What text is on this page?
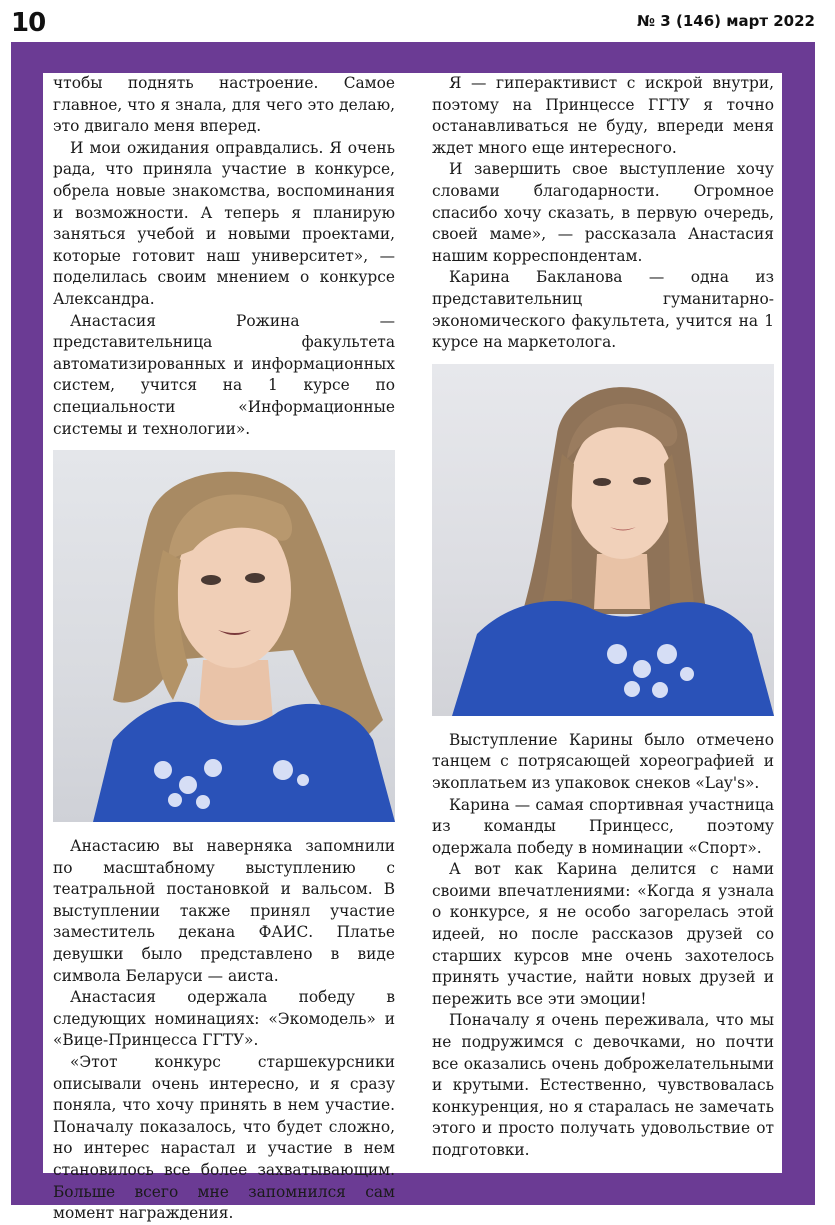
10	№ 3 (146) март 2022

чтобы поднять настроение. Самое главное, что я знала, для чего это делаю, это двигало меня вперед.

И мои ожидания оправдались. Я очень рада, что приняла участие в конкурсе, обрела новые знакомства, воспоминания и возможности. А теперь я планирую заняться учебой и новыми проектами, которые готовит наш университет», — поделилась своим мнением о конкурсе Александра.

Анастасия Рожина — представительница факультета автоматизированных и информационных систем, учится на 1 курсе по специальности «Информационные системы и технологии».

Анастасию вы наверняка запомнили по масштабному выступлению с театральной постановкой и вальсом. В выступлении также принял участие заместитель декана ФАИС. Платье девушки было представлено в виде символа Беларуси — аиста.

Анастасия одержала победу в следующих номинациях: «Экомодель» и «Вице-Принцесса ГГТУ».

«Этот конкурс старшекурсники описывали очень интересно, и я сразу поняла, что хочу принять в нем участие. Поначалу показалось, что будет сложно, но интерес нарастал и участие в нем становилось все более захватывающим. Больше всего мне запомнился сам момент награждения.

Я — гиперактивист с искрой внутри, поэтому на Принцессе ГГТУ я точно останавливаться не буду, впереди меня ждет много еще интересного.

И завершить свое выступление хочу словами благодарности. Огромное спасибо хочу сказать, в первую очередь, своей маме», — рассказала Анастасия нашим корреспондентам.

Карина Бакланова — одна из представительниц гуманитарно-экономического факультета, учится на 1 курсе на маркетолога.

Выступление Карины было отмечено танцем с потрясающей хореографией и экоплатьем из упаковок снеков «Lay's».

Карина — самая спортивная участница из команды Принцесс, поэтому одержала победу в номинации «Спорт».

А вот как Карина делится с нами своими впечатлениями: «Когда я узнала о конкурсе, я не особо загорелась этой идеей, но после рассказов друзей со старших курсов мне очень захотелось принять участие, найти новых друзей и пережить все эти эмоции!

Поначалу я очень переживала, что мы не подружимся с девочками, но почти все оказались очень доброжелательными и крутыми. Естественно, чувствовалась конкуренция, но я старалась не замечать этого и просто получать удовольствие от подготовки.
